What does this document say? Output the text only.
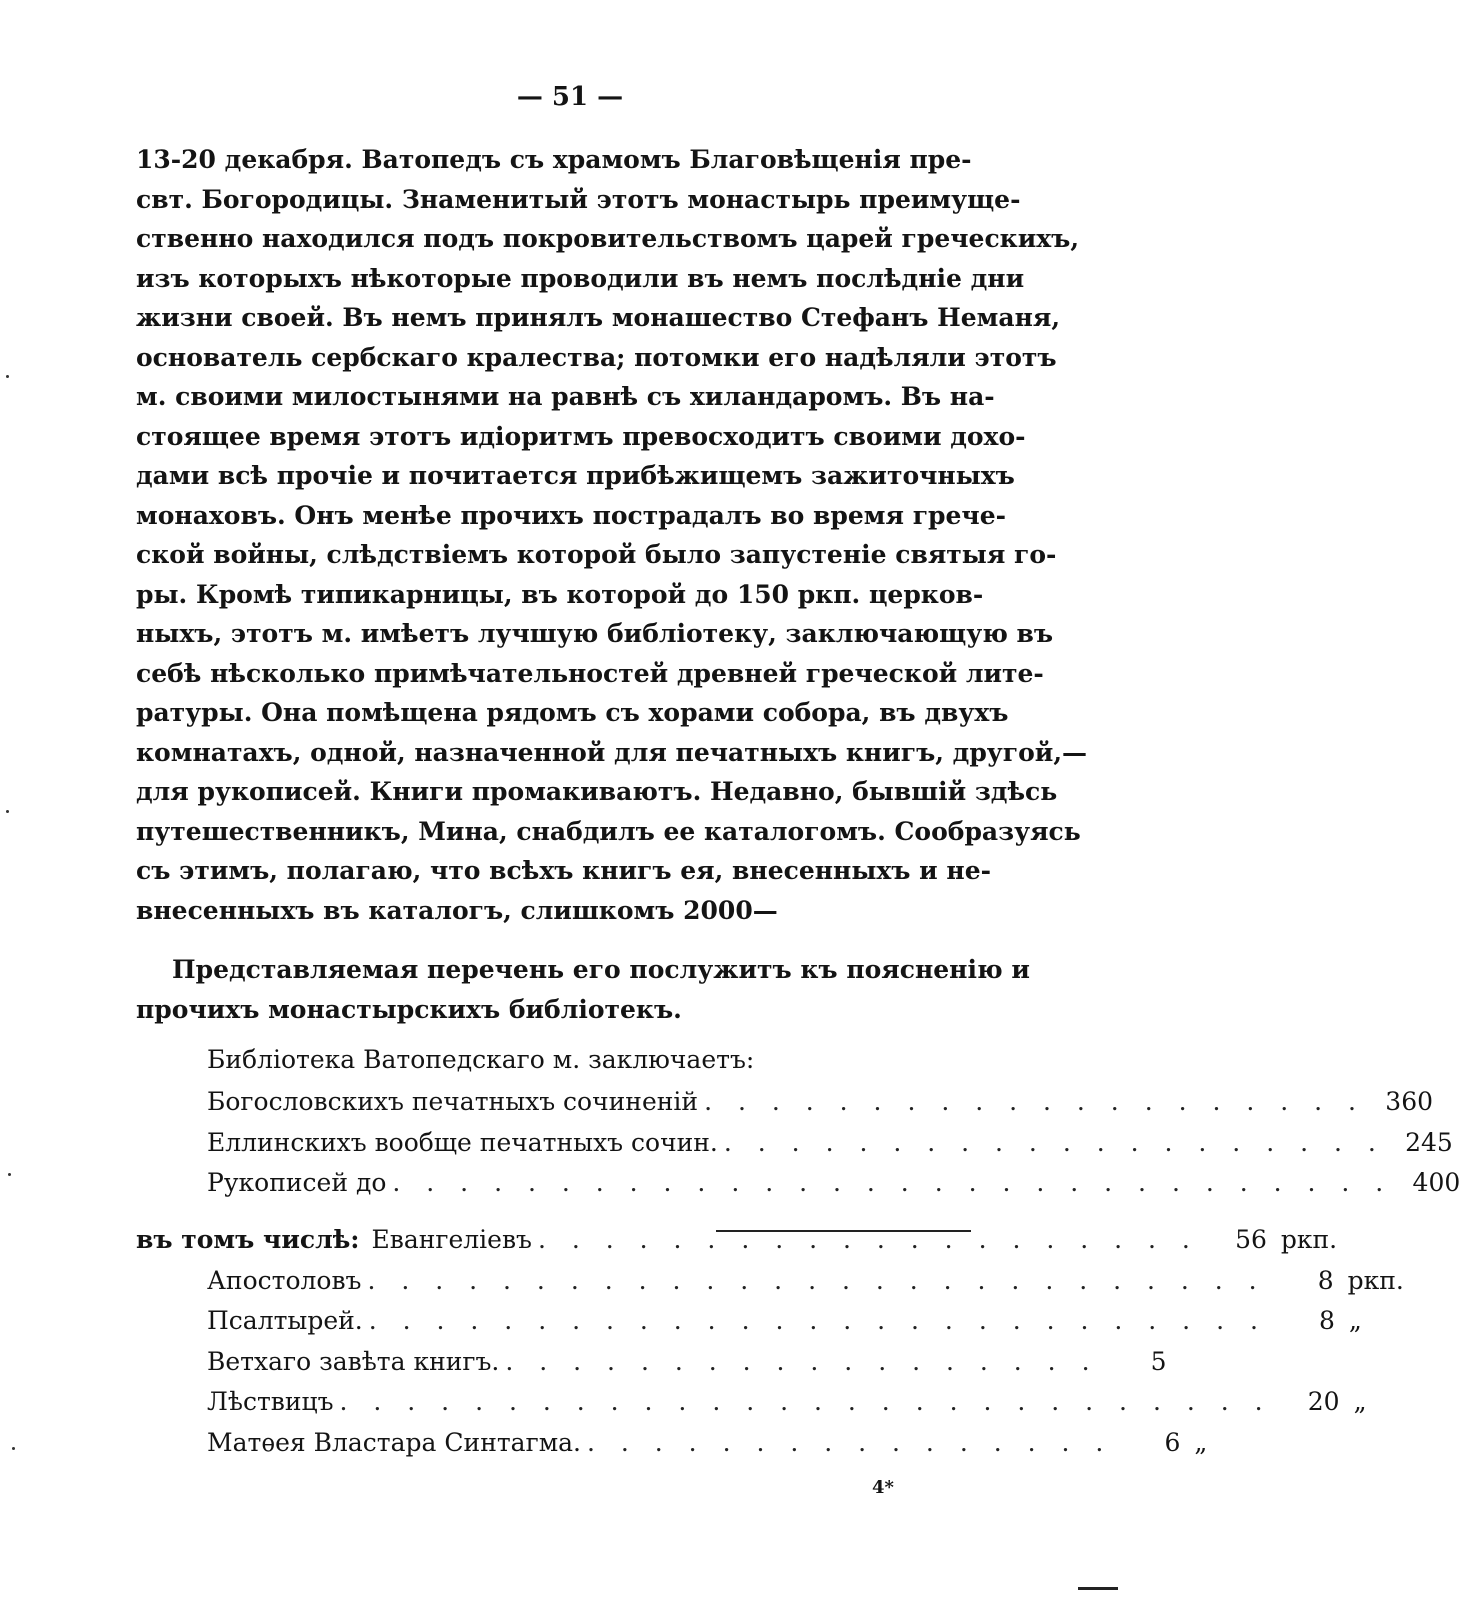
— 51 —
13-20 декабря. Ватопедъ съ храмомъ Благовѣщенія пре-
свт. Богородицы. Знаменитый этотъ монастырь преимуще-
ственно находился подъ покровительствомъ царей греческихъ,
изъ которыхъ нѣкоторые проводили въ немъ послѣдніе дни
жизни своей. Въ немъ принялъ монашество Стефанъ Неманя,
основатель сербскаго кралества; потомки его надѣляли этотъ
м. своими милостынями на равнѣ съ хиландаромъ. Въ на-
стоящее время этотъ идіоритмъ превосходитъ своими доxо-
дами всѣ прочіе и почитается прибѣжищемъ зажиточныхъ
монаховъ. Онъ менѣе прочихъ пострадалъ во время грече-
ской войны, слѣдствіемъ которой было запустеніе святыя го-
ры. Кромѣ типикарницы, въ которой до 150 ркп. церков-
ныхъ, этотъ м. имѣетъ лучшую библіотеку, заключающую въ
себѣ нѣсколько примѣчательностей древней греческой лите-
ратуры. Она помѣщена рядомъ съ хорами собора, въ двухъ
комнатахъ, одной, назначенной для печатныхъ книгъ, другой,—
для рукописей. Книги промакиваютъ. Недавно, бывшій здѣсь
путешественникъ, Мина, снабдилъ ее каталогомъ. Сообразуясь
съ этимъ, полагаю, что всѣхъ книгъ ея, внесенныхъ и не-
внесенныхъ въ каталогъ, слишкомъ 2000—
Представляемая перечень его послужитъ къ поясненію и
прочихъ монастырскихъ библіотекъ.
Библіотека Ватопедскаго м. заключаетъ:
Богословскихъ печатныхъ сочиненій . . . . . . . . . . . . . . . . . . . . 360
Еллинскихъ вообще печатныхъ сочин. . . . . . . . . . . . . . . . . . . . . 245
Рукописей до . . . . . . . . . . . . . . . . . . . . . . . . . . . . . . 400
въ томъ числѣ: Евангеліевъ . . . . . . . . . . . . . . . . . . . .	56 ркп.
Апостоловъ . . . . . . . . . . . . . . . . . . . . . . . . . . .	8 ркп.
Псалтырей. . . . . . . . . . . . . . . . . . . . . . . . . . . .	8 „
Ветхаго завѣта книгъ. . . . . . . . . . . . . . . . . . .	5
Лѣствицъ . . . . . . . . . . . . . . . . . . . . . . . . . . . .	20 „
Матѳея Властара Синтагма. . . . . . . . . . . . . . . . .	6 „
4*
